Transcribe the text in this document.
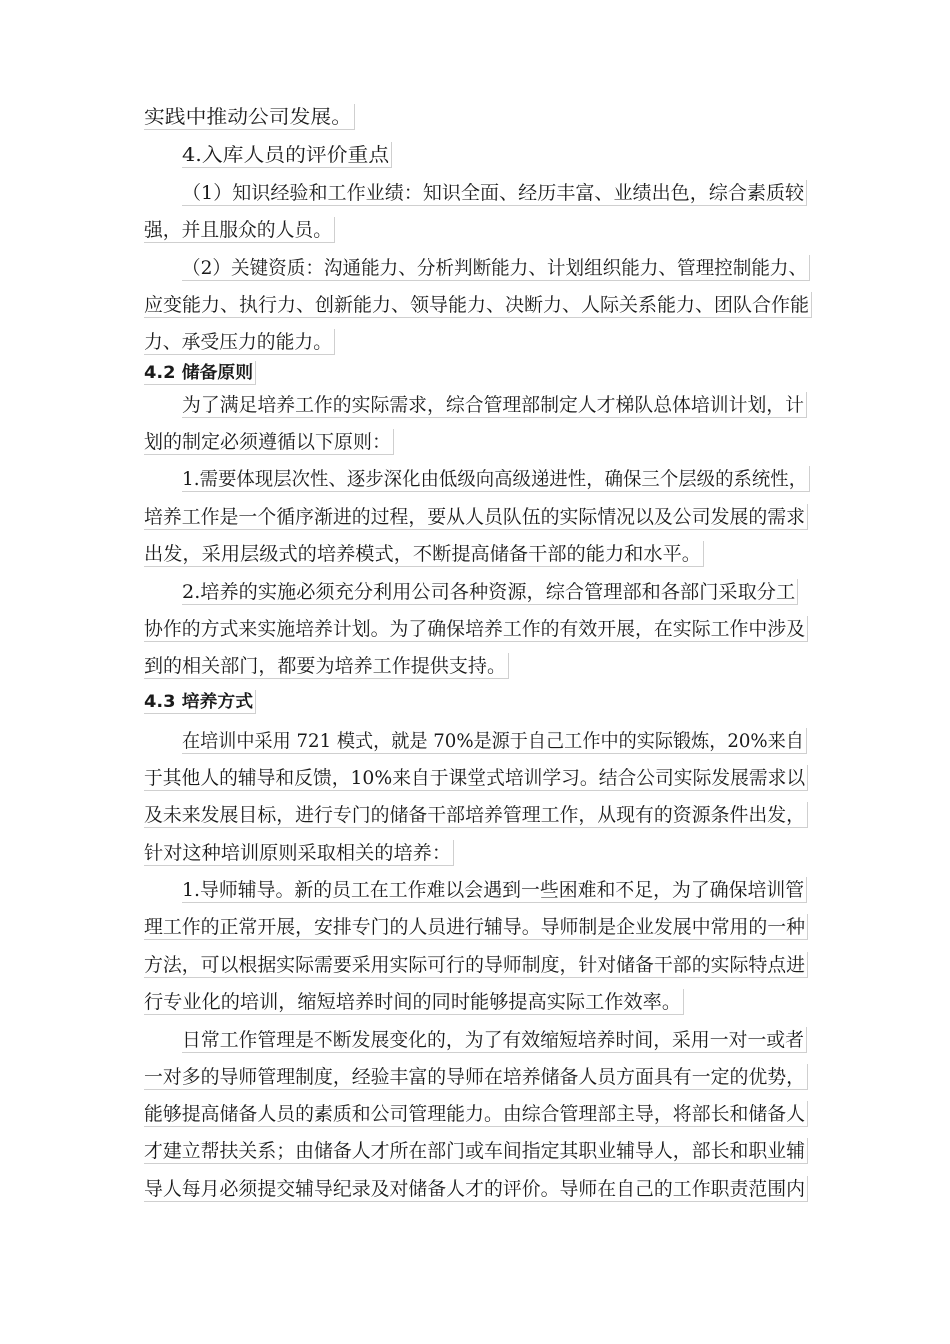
实践中推动公司发展。
4.入库人员的评价重点
（1）知识经验和工作业绩：知识全面、经历丰富、业绩出色，综合素质较
强，并且服众的人员。
（2）关键资质：沟通能力、分析判断能力、计划组织能力、管理控制能力、
应变能力、执行力、创新能力、领导能力、决断力、人际关系能力、团队合作能
力、承受压力的能力。
4.2 储备原则
为了满足培养工作的实际需求，综合管理部制定人才梯队总体培训计划，计
划的制定必须遵循以下原则：
1.需要体现层次性、逐步深化由低级向高级递进性，确保三个层级的系统性，
培养工作是一个循序渐进的过程，要从人员队伍的实际情况以及公司发展的需求
出发，采用层级式的培养模式，不断提高储备干部的能力和水平。
2.培养的实施必须充分利用公司各种资源，综合管理部和各部门采取分工
协作的方式来实施培养计划。为了确保培养工作的有效开展，在实际工作中涉及
到的相关部门，都要为培养工作提供支持。
4.3 培养方式
在培训中采用 721 模式，就是 70%是源于自己工作中的实际锻炼，20%来自
于其他人的辅导和反馈，10%来自于课堂式培训学习。结合公司实际发展需求以
及未来发展目标，进行专门的储备干部培养管理工作，从现有的资源条件出发，
针对这种培训原则采取相关的培养：
1.导师辅导。新的员工在工作难以会遇到一些困难和不足，为了确保培训管
理工作的正常开展，安排专门的人员进行辅导。导师制是企业发展中常用的一种
方法，可以根据实际需要采用实际可行的导师制度，针对储备干部的实际特点进
行专业化的培训，缩短培养时间的同时能够提高实际工作效率。
日常工作管理是不断发展变化的，为了有效缩短培养时间，采用一对一或者
一对多的导师管理制度，经验丰富的导师在培养储备人员方面具有一定的优势，
能够提高储备人员的素质和公司管理能力。由综合管理部主导，将部长和储备人
才建立帮扶关系；由储备人才所在部门或车间指定其职业辅导人，部长和职业辅
导人每月必须提交辅导纪录及对储备人才的评价。导师在自己的工作职责范围内
